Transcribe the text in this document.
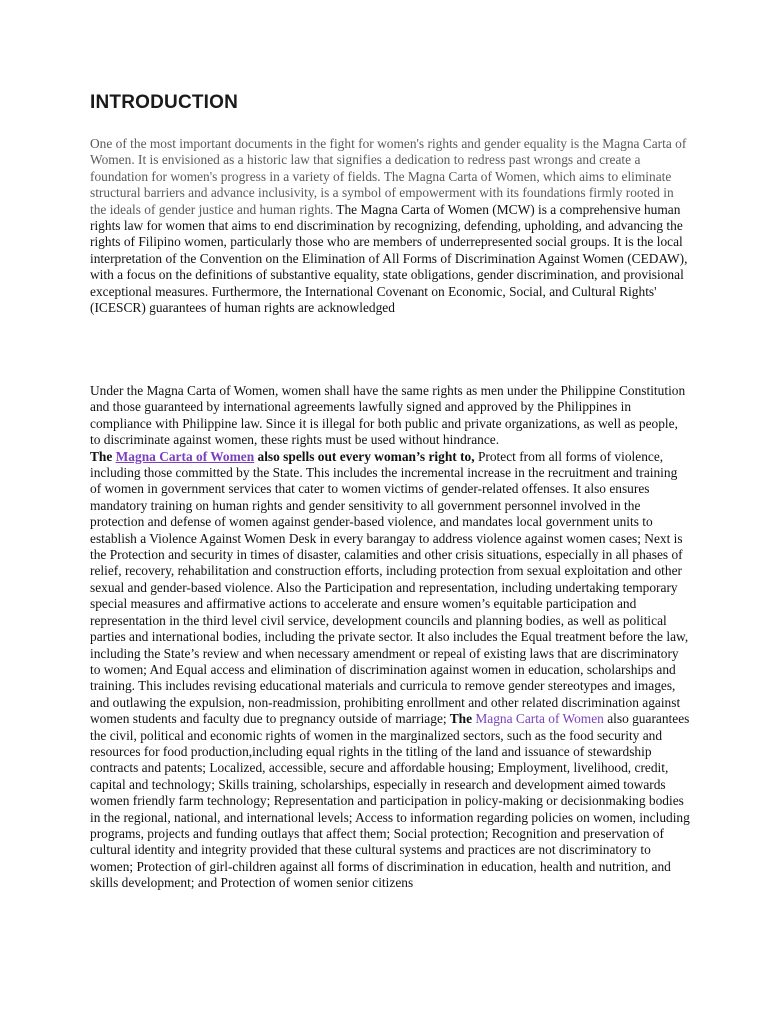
INTRODUCTION

One of the most important documents in the fight for women's rights and gender equality is the Magna Carta of Women. It is envisioned as a historic law that signifies a dedication to redress past wrongs and create a foundation for women's progress in a variety of fields. The Magna Carta of Women, which aims to eliminate structural barriers and advance inclusivity, is a symbol of empowerment with its foundations firmly rooted in the ideals of gender justice and human rights. The Magna Carta of Women (MCW) is a comprehensive human rights law for women that aims to end discrimination by recognizing, defending, upholding, and advancing the rights of Filipino women, particularly those who are members of underrepresented social groups. It is the local interpretation of the Convention on the Elimination of All Forms of Discrimination Against Women (CEDAW), with a focus on the definitions of substantive equality, state obligations, gender discrimination, and provisional exceptional measures. Furthermore, the International Covenant on Economic, Social, and Cultural Rights' (ICESCR) guarantees of human rights are acknowledged

Under the Magna Carta of Women, women shall have the same rights as men under the Philippine Constitution and those guaranteed by international agreements lawfully signed and approved by the Philippines in compliance with Philippine law. Since it is illegal for both public and private organizations, as well as people, to discriminate against women, these rights must be used without hindrance.
The Magna Carta of Women also spells out every woman’s right to, Protect from all forms of violence, including those committed by the State. This includes the incremental increase in the recruitment and training of women in government services that cater to women victims of gender-related offenses. It also ensures mandatory training on human rights and gender sensitivity to all government personnel involved in the protection and defense of women against gender-based violence, and mandates local government units to establish a Violence Against Women Desk in every barangay to address violence against women cases; Next is the Protection and security in times of disaster, calamities and other crisis situations, especially in all phases of relief, recovery, rehabilitation and construction efforts, including protection from sexual exploitation and other sexual and gender-based violence. Also the Participation and representation, including undertaking temporary special measures and affirmative actions to accelerate and ensure women’s equitable participation and representation in the third level civil service, development councils and planning bodies, as well as political parties and international bodies, including the private sector. It also includes the Equal treatment before the law, including the State’s review and when necessary amendment or repeal of existing laws that are discriminatory to women; And Equal access and elimination of discrimination against women in education, scholarships and training. This includes revising educational materials and curricula to remove gender stereotypes and images, and outlawing the expulsion, non-readmission, prohibiting enrollment and other related discrimination against women students and faculty due to pregnancy outside of marriage; The Magna Carta of Women also guarantees the civil, political and economic rights of women in the marginalized sectors, such as the food security and resources for food production,including equal rights in the titling of the land and issuance of stewardship contracts and patents; Localized, accessible, secure and affordable housing; Employment, livelihood, credit, capital and technology; Skills training, scholarships, especially in research and development aimed towards women friendly farm technology; Representation and participation in policy-making or decisionmaking bodies in the regional, national, and international levels; Access to information regarding policies on women, including programs, projects and funding outlays that affect them; Social protection; Recognition and preservation of cultural identity and integrity provided that these cultural systems and practices are not discriminatory to women; Protection of girl-children against all forms of discrimination in education, health and nutrition, and skills development; and Protection of women senior citizens
